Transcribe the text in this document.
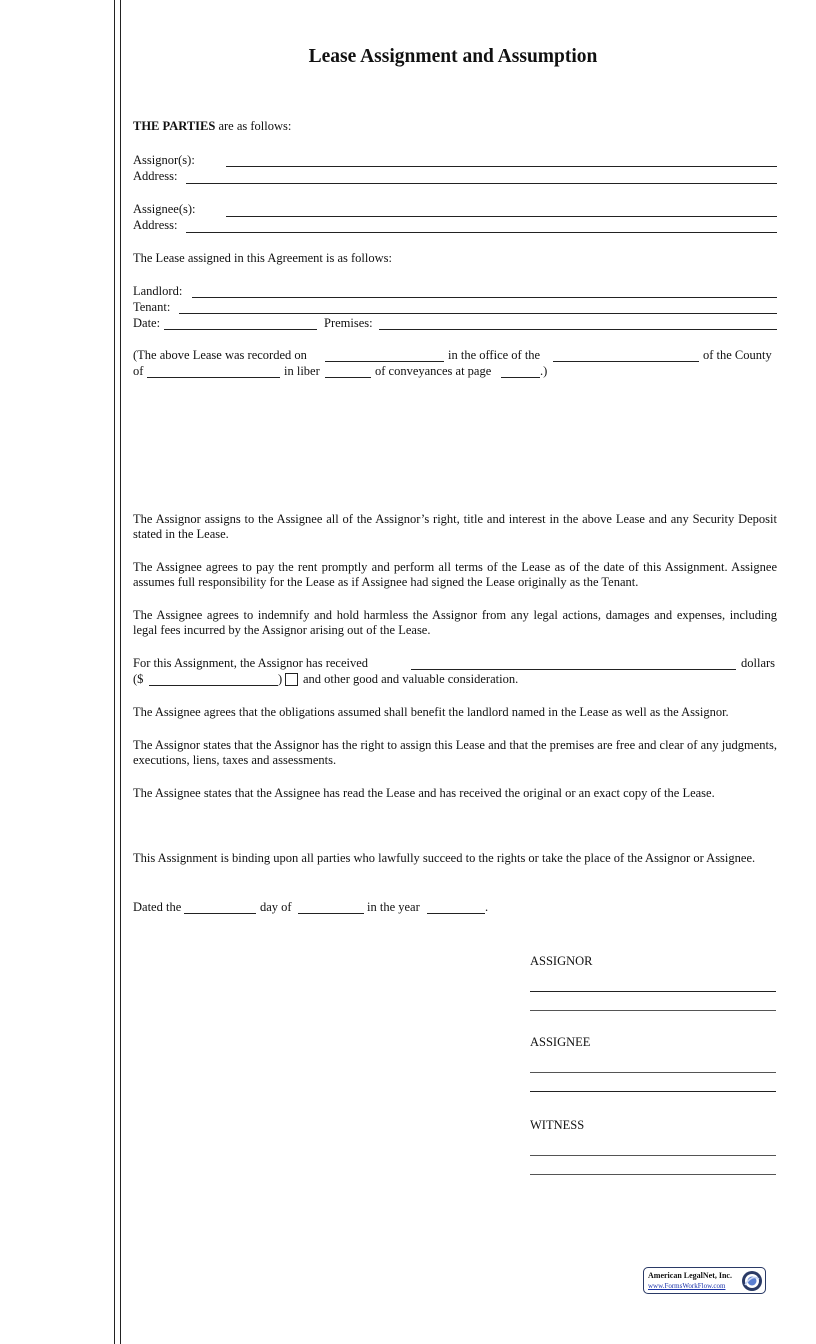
Lease Assignment and Assumption
THE PARTIES are as follows:
Assignor(s):
Address:
Assignee(s):
Address:
The Lease assigned in this Agreement is as follows:
Landlord:
Tenant:
Date:	Premises:
(The above Lease was recorded on	in the office of the	of the County
of	in liber	of conveyances at page	.)
The Assignor assigns to the Assignee all of the Assignor’s right, title and interest in the above Lease and any Security Deposit stated in the Lease.
The Assignee agrees to pay the rent promptly and perform all terms of the Lease as of the date of this Assignment. Assignee assumes full responsibility for the Lease as if Assignee had signed the Lease originally as the Tenant.
The Assignee agrees to indemnify and hold harmless the Assignor from any legal actions, damages and expenses, including legal fees incurred by the Assignor arising out of the Lease.
For this Assignment, the Assignor has received	dollars
($	) and other good and valuable consideration.
The Assignee agrees that the obligations assumed shall benefit the landlord named in the Lease as well as the Assignor.
The Assignor states that the Assignor has the right to assign this Lease and that the premises are free and clear of any judgments, executions, liens, taxes and assessments.
The Assignee states that the Assignee has read the Lease and has received the original or an exact copy of the Lease.
This Assignment is binding upon all parties who lawfully succeed to the rights or take the place of the Assignor or Assignee.
Dated the	day of	in the year	.
ASSIGNOR
ASSIGNEE
WITNESS
American LegalNet, Inc.
www.FormsWorkFlow.com
